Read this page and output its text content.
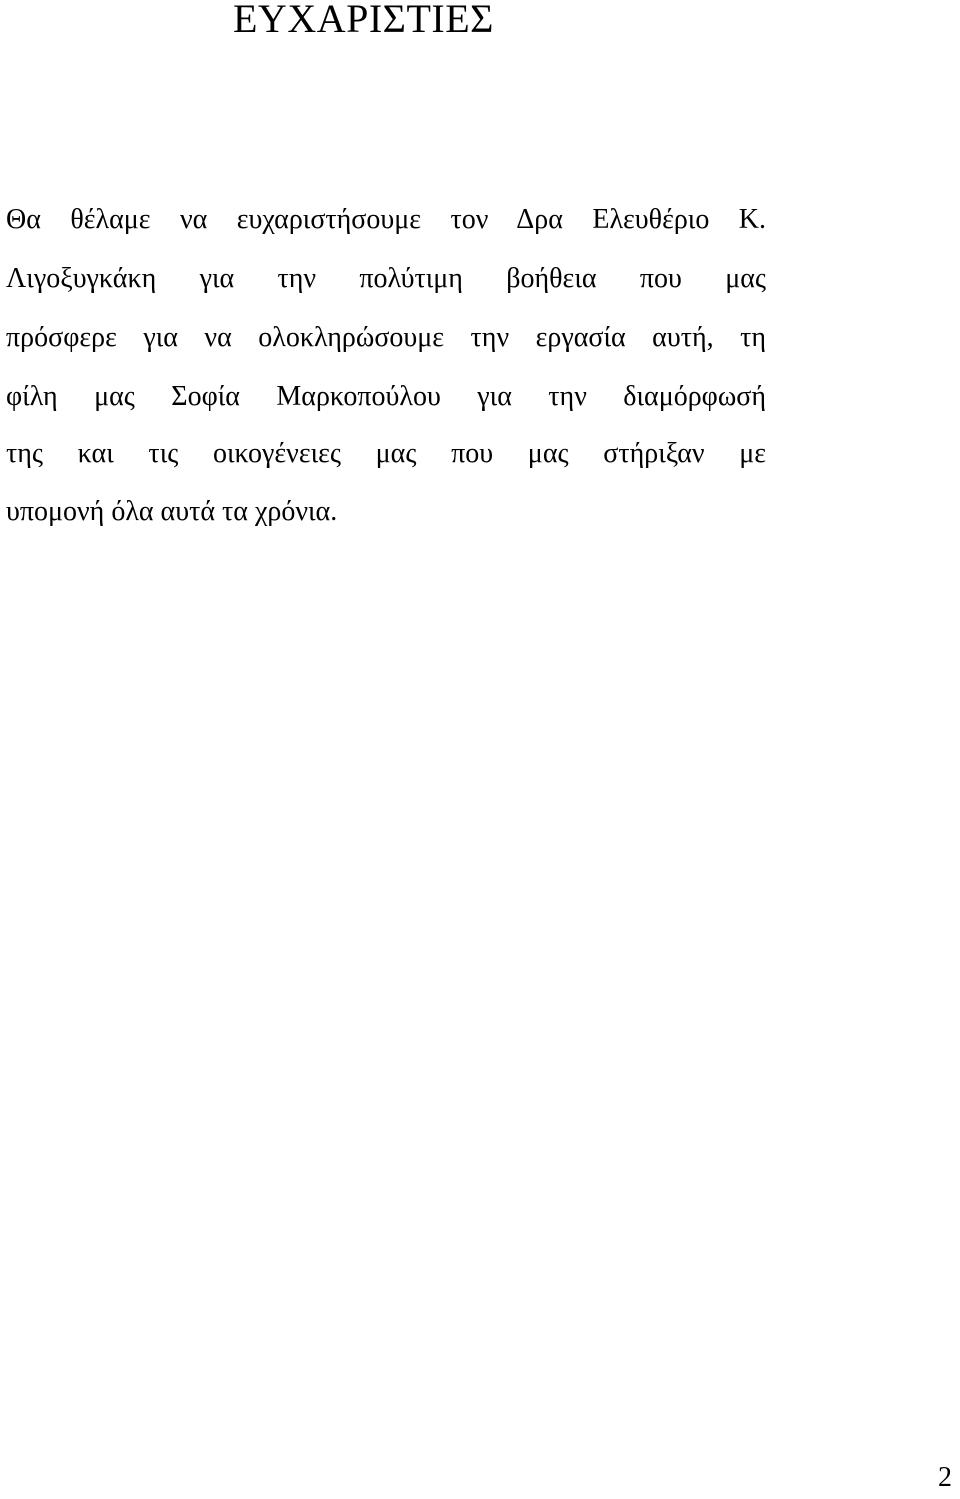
ΕΥΧΑΡΙΣΤΙΕΣ

Θα θέλαμε να ευχαριστήσουμε τον Δρα Ελευθέριο Κ.

Λιγοξυγκάκη για την πολύτιμη βοήθεια που μας

πρόσφερε για να ολοκληρώσουμε την εργασία αυτή, τη

φίλη μας Σοφία Μαρκοπούλου για την διαμόρφωσή

της και τις οικογένειες μας που μας στήριξαν με

υπομονή όλα αυτά τα χρόνια.

2
